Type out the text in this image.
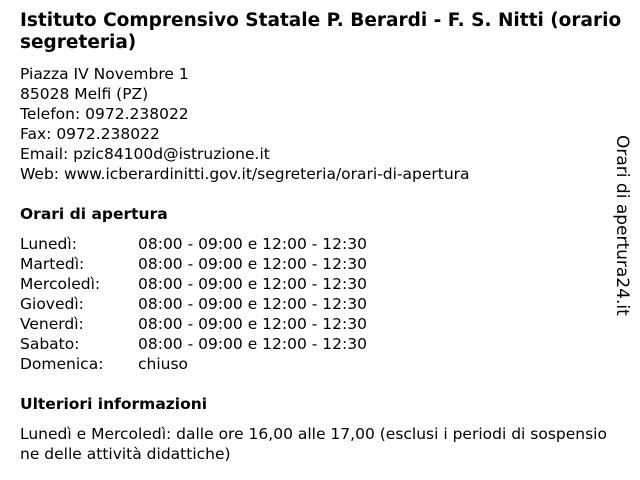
Istituto Comprensivo Statale P. Berardi - F. S. Nitti (orario segreteria)
Piazza IV Novembre 1
85028 Melfi (PZ)
Telefon: 0972.238022
Fax: 0972.238022
Email: pzic84100d@istruzione.it
Web: www.icberardinitti.gov.it/segreteria/orari-di-apertura
Orari di apertura
Lunedì:	08:00 - 09:00 e 12:00 - 12:30
Martedì:	08:00 - 09:00 e 12:00 - 12:30
Mercoledì:	08:00 - 09:00 e 12:00 - 12:30
Giovedì:	08:00 - 09:00 e 12:00 - 12:30
Venerdì:	08:00 - 09:00 e 12:00 - 12:30
Sabato:	08:00 - 09:00 e 12:00 - 12:30
Domenica:	chiuso
Ulteriori informazioni
Lunedì e Mercoledì: dalle ore 16,00 alle 17,00 (esclusi i periodi di sospensione delle attività didattiche)
Orari di apertura24.it
